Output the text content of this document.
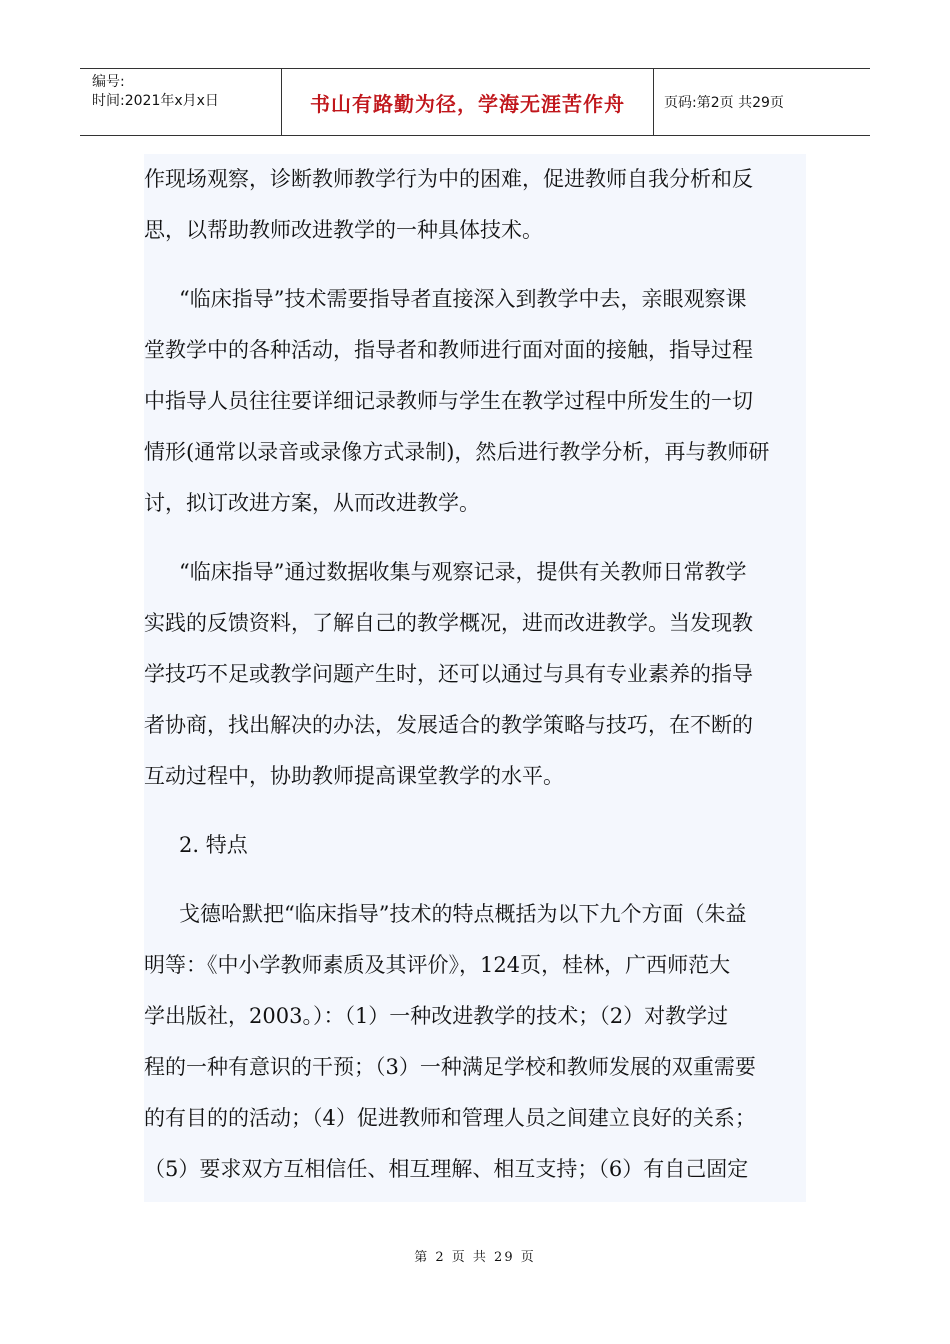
编号:
时间:2021年x月x日	书山有路勤为径，学海无涯苦作舟	页码:第2页 共29页

作现场观察，诊断教师教学行为中的困难，促进教师自我分析和反
思，以帮助教师改进教学的一种具体技术。

“临床指导”技术需要指导者直接深入到教学中去，亲眼观察课
堂教学中的各种活动，指导者和教师进行面对面的接触，指导过程
中指导人员往往要详细记录教师与学生在教学过程中所发生的一切
情形(通常以录音或录像方式录制)，然后进行教学分析，再与教师研
讨，拟订改进方案，从而改进教学。

“临床指导”通过数据收集与观察记录，提供有关教师日常教学
实践的反馈资料，了解自己的教学概况，进而改进教学。当发现教
学技巧不足或教学问题产生时，还可以通过与具有专业素养的指导
者协商，找出解决的办法，发展适合的教学策略与技巧，在不断的
互动过程中，协助教师提高课堂教学的水平。

2. 特点

戈德哈默把“临床指导”技术的特点概括为以下九个方面（朱益
明等：《中小学教师素质及其评价》，124页，桂林，广西师范大
学出版社，2003。）：（1）一种改进教学的技术；（2）对教学过
程的一种有意识的干预；（3）一种满足学校和教师发展的双重需要
的有目的的活动；（4）促进教师和管理人员之间建立良好的关系；
（5）要求双方互相信任、相互理解、相互支持；（6）有自己固定

第 2 页 共 29 页
